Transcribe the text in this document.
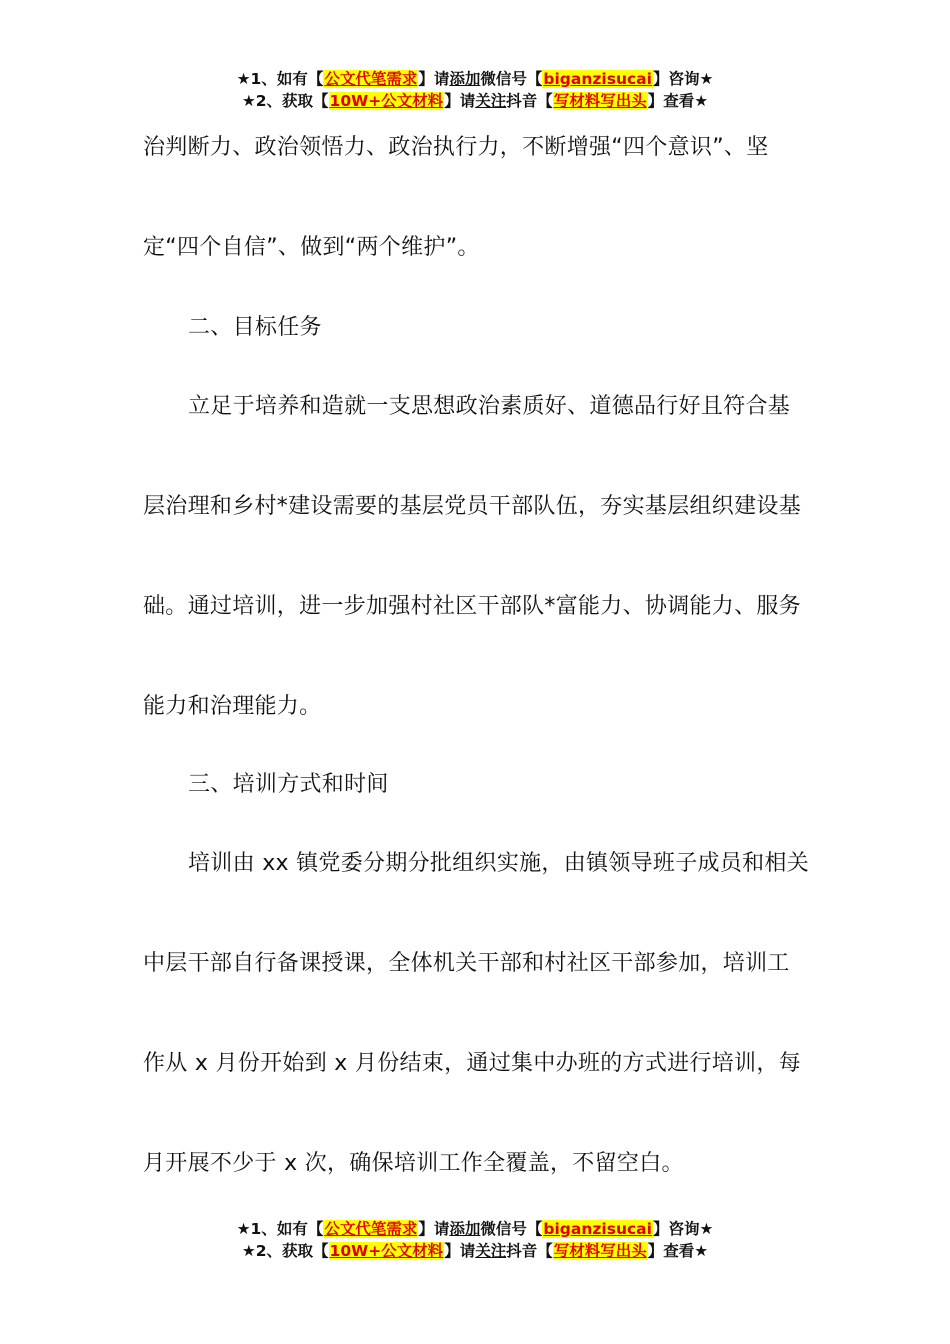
★1、如有【公文代笔需求】请添加微信号【biganzisucai】咨询★
★2、获取【10W+公文材料】请关注抖音【写材料写出头】查看★
治判断力、政治领悟力、政治执行力，不断增强“四个意识”、坚
定“四个自信”、做到“两个维护”。
二、目标任务
立足于培养和造就一支思想政治素质好、道德品行好且符合基
层治理和乡村*建设需要的基层党员干部队伍，夯实基层组织建设基
础。通过培训，进一步加强村社区干部队*富能力、协调能力、服务
能力和治理能力。
三、培训方式和时间
培训由 xx 镇党委分期分批组织实施，由镇领导班子成员和相关
中层干部自行备课授课，全体机关干部和村社区干部参加，培训工
作从 x 月份开始到 x 月份结束，通过集中办班的方式进行培训，每
月开展不少于 x 次，确保培训工作全覆盖，不留空白。
★1、如有【公文代笔需求】请添加微信号【biganzisucai】咨询★
★2、获取【10W+公文材料】请关注抖音【写材料写出头】查看★
